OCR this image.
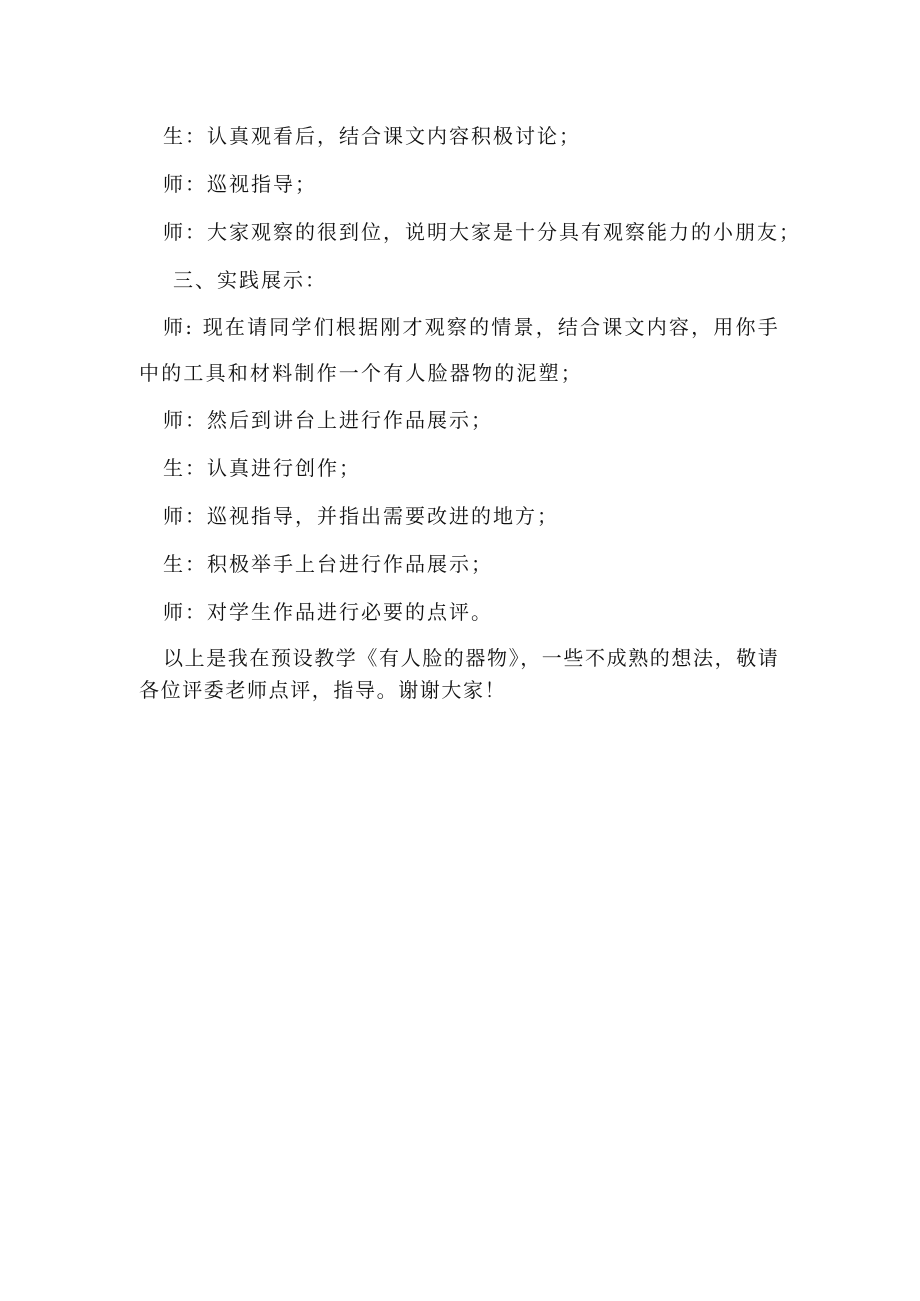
生：认真观看后，结合课文内容积极讨论；

师：巡视指导；

师：大家观察的很到位，说明大家是十分具有观察能力的小朋友；

三、实践展示：

师: 现在请同学们根据刚才观察的情景，结合课文内容，用你手中的工具和材料制作一个有人脸器物的泥塑；

师：然后到讲台上进行作品展示；

生：认真进行创作；

师：巡视指导，并指出需要改进的地方；

生：积极举手上台进行作品展示；

师：对学生作品进行必要的点评。

以上是我在预设教学《有人脸的器物》，一些不成熟的想法，敬请各位评委老师点评，指导。谢谢大家！
